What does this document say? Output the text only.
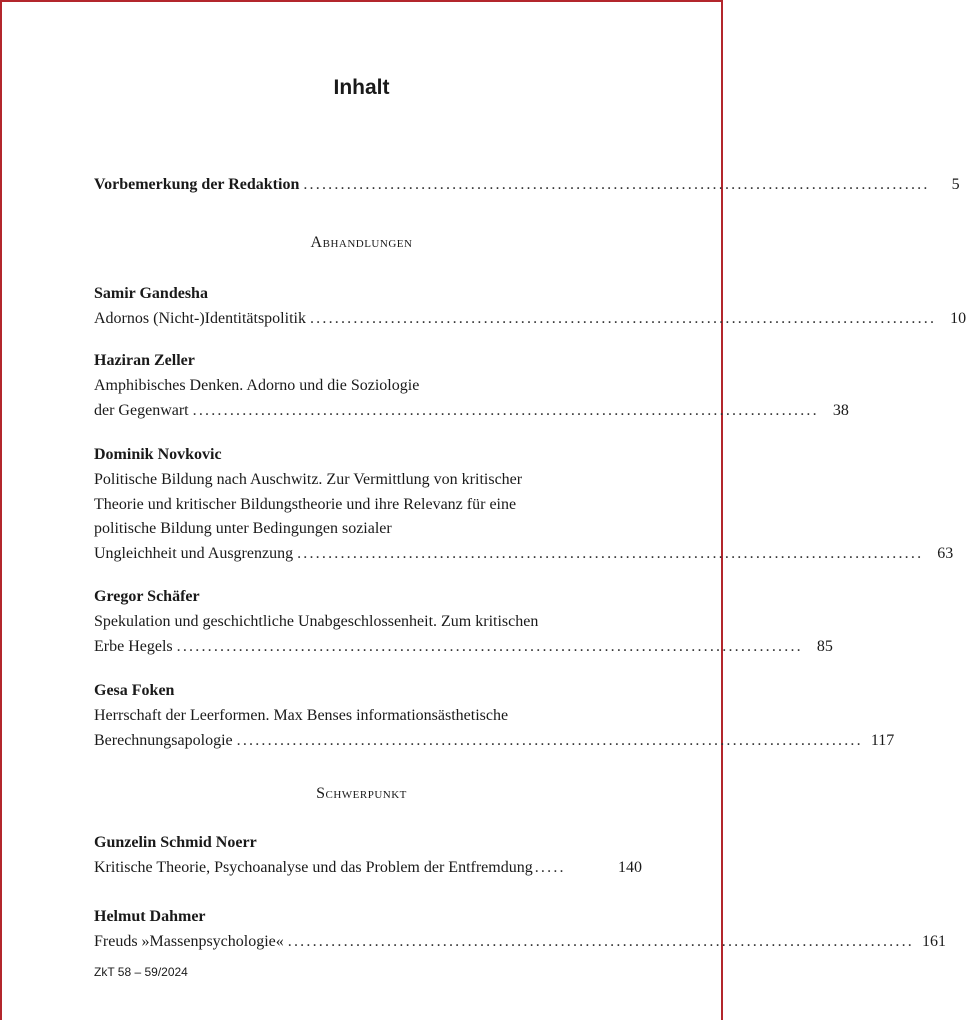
Inhalt
Vorbemerkung der Redaktion .....................................................................................................	5
Abhandlungen
Samir Gandesha
Adornos (Nicht-)Identitätspolitik ..................................................................................................... 10
Haziran Zeller
Amphibisches Denken. Adorno und die Soziologie
der Gegenwart ..................................................................................................... 38
Dominik Novkovic
Politische Bildung nach Auschwitz. Zur Vermittlung von kritischer
Theorie und kritischer Bildungstheorie und ihre Relevanz für eine
politische Bildung unter Bedingungen sozialer
Ungleichheit und Ausgrenzung ..................................................................................................... 63
Gregor Schäfer
Spekulation und geschichtliche Unabgeschlossenheit. Zum kritischen
Erbe Hegels ..................................................................................................... 85
Gesa Foken
Herrschaft der Leerformen. Max Benses informationsästhetische
Berechnungsapologie ..................................................................................................... 117
Schwerpunkt
Gunzelin Schmid Noerr
Kritische Theorie, Psychoanalyse und das Problem der Entfremdung .....	140
Helmut Dahmer
Freuds »Massenpsychologie« ..................................................................................................... 161
ZkT 58 – 59/2024
